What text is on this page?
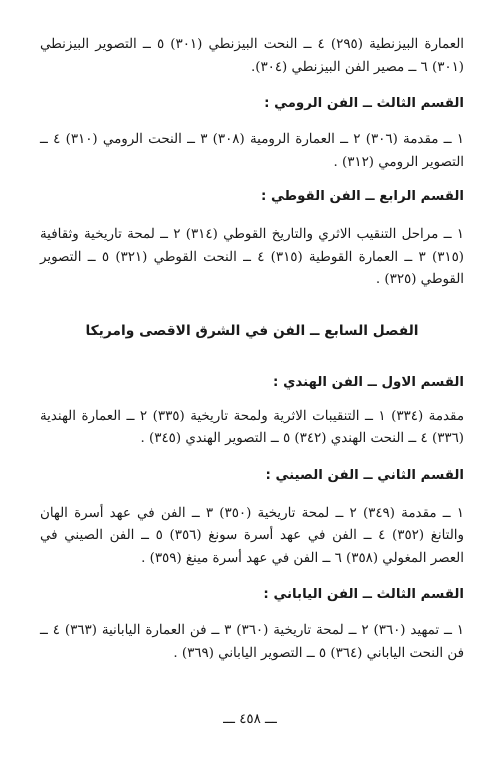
العمارة البيزنطية (٢٩٥) ٤ ــ النحت البيزنطي (٣٠١) ٥ ــ التصوير البيزنطي (٣٠١) ٦ ــ مصير الفن البيزنطي (٣٠٤).

القسم الثالث ــ الفن الرومي :

١ ــ مقدمة (٣٠٦) ٢ ــ العمارة الرومية (٣٠٨) ٣ ــ النحت الرومي (٣١٠) ٤ ــ التصوير الرومي (٣١٢) .

القسم الرابع ــ الفن القوطي :

١ ــ مراحل التنقيب الاثري والتاريخ القوطي (٣١٤) ٢ ــ لمحة تاريخية وثقافية (٣١٥) ٣ ــ العمارة القوطية (٣١٥) ٤ ــ النحت القوطي (٣٢١) ٥ ــ التصوير القوطي (٣٢٥) .

الفصل السابع ــ الفن في الشرق الاقصى وامريكا

القسم الاول ــ الفن الهندي :

مقدمة (٣٣٤) ١ ــ التنقيبات الاثرية ولمحة تاريخية (٣٣٥) ٢ ــ العمارة الهندية (٣٣٦) ٤ ــ النحت الهندي (٣٤٢) ٥ ــ التصوير الهندي (٣٤٥) .

القسم الثاني ــ الفن الصيني :

١ ــ مقدمة (٣٤٩) ٢ ــ لمحة تاريخية (٣٥٠) ٣ ــ الفن في عهد أسرة الهان والتانغ (٣٥٢) ٤ ــ الفن في عهد أسرة سونغ (٣٥٦) ٥ ــ الفن الصيني في العصر المغولي (٣٥٨) ٦ ــ الفن في عهد أسرة مينغ (٣٥٩) .

القسم الثالث ــ الفن الياباني :

١ ــ تمهيد (٣٦٠) ٢ ــ لمحة تاريخية (٣٦٠) ٣ ــ فن العمارة اليابانية (٣٦٣) ٤ ــ فن النحت الياباني (٣٦٤) ٥ ــ التصوير الياباني (٣٦٩) .

ـــ ٤٥٨ ـــ
